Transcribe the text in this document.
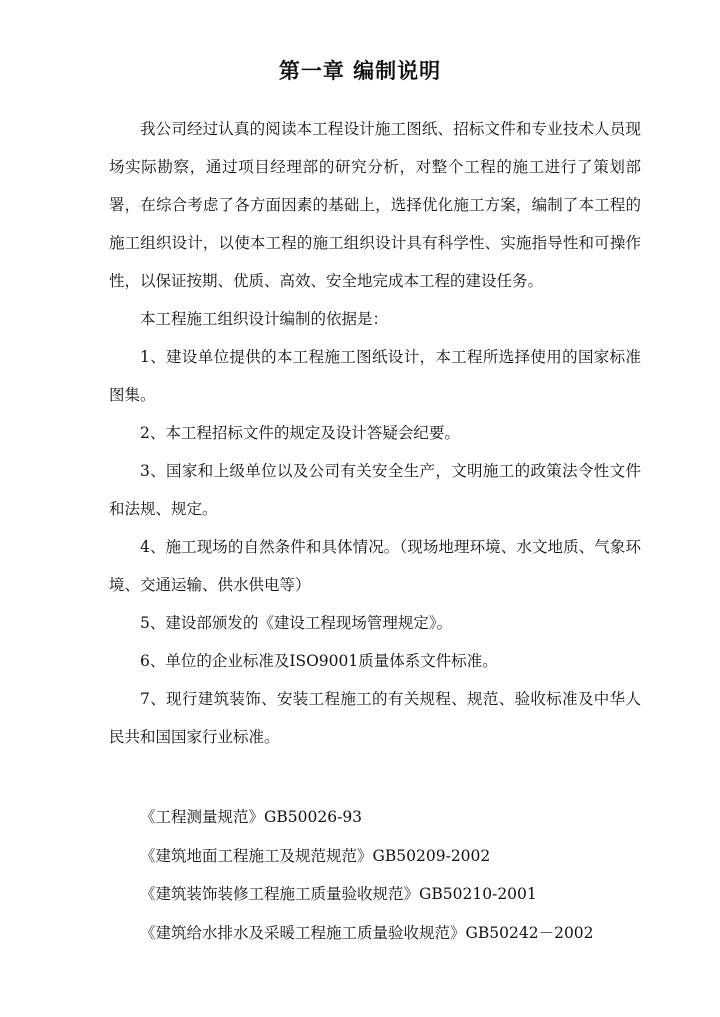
第一章 编制说明

我公司经过认真的阅读本工程设计施工图纸、招标文件和专业技术人员现场实际勘察，通过项目经理部的研究分析，对整个工程的施工进行了策划部署，在综合考虑了各方面因素的基础上，选择优化施工方案，编制了本工程的施工组织设计，以使本工程的施工组织设计具有科学性、实施指导性和可操作性，以保证按期、优质、高效、安全地完成本工程的建设任务。

本工程施工组织设计编制的依据是：

1、建设单位提供的本工程施工图纸设计，本工程所选择使用的国家标准图集。

2、本工程招标文件的规定及设计答疑会纪要。

3、国家和上级单位以及公司有关安全生产，文明施工的政策法令性文件和法规、规定。

4、施工现场的自然条件和具体情况。（现场地理环境、水文地质、气象环境、交通运输、供水供电等）

5、建设部颁发的《建设工程现场管理规定》。

6、单位的企业标准及ISO9001质量体系文件标准。

7、现行建筑装饰、安装工程施工的有关规程、规范、验收标准及中华人民共和国国家行业标准。

《工程测量规范》GB50026-93
《建筑地面工程施工及规范规范》GB50209-2002
《建筑装饰装修工程施工质量验收规范》GB50210-2001
《建筑给水排水及采暖工程施工质量验收规范》GB50242－2002
